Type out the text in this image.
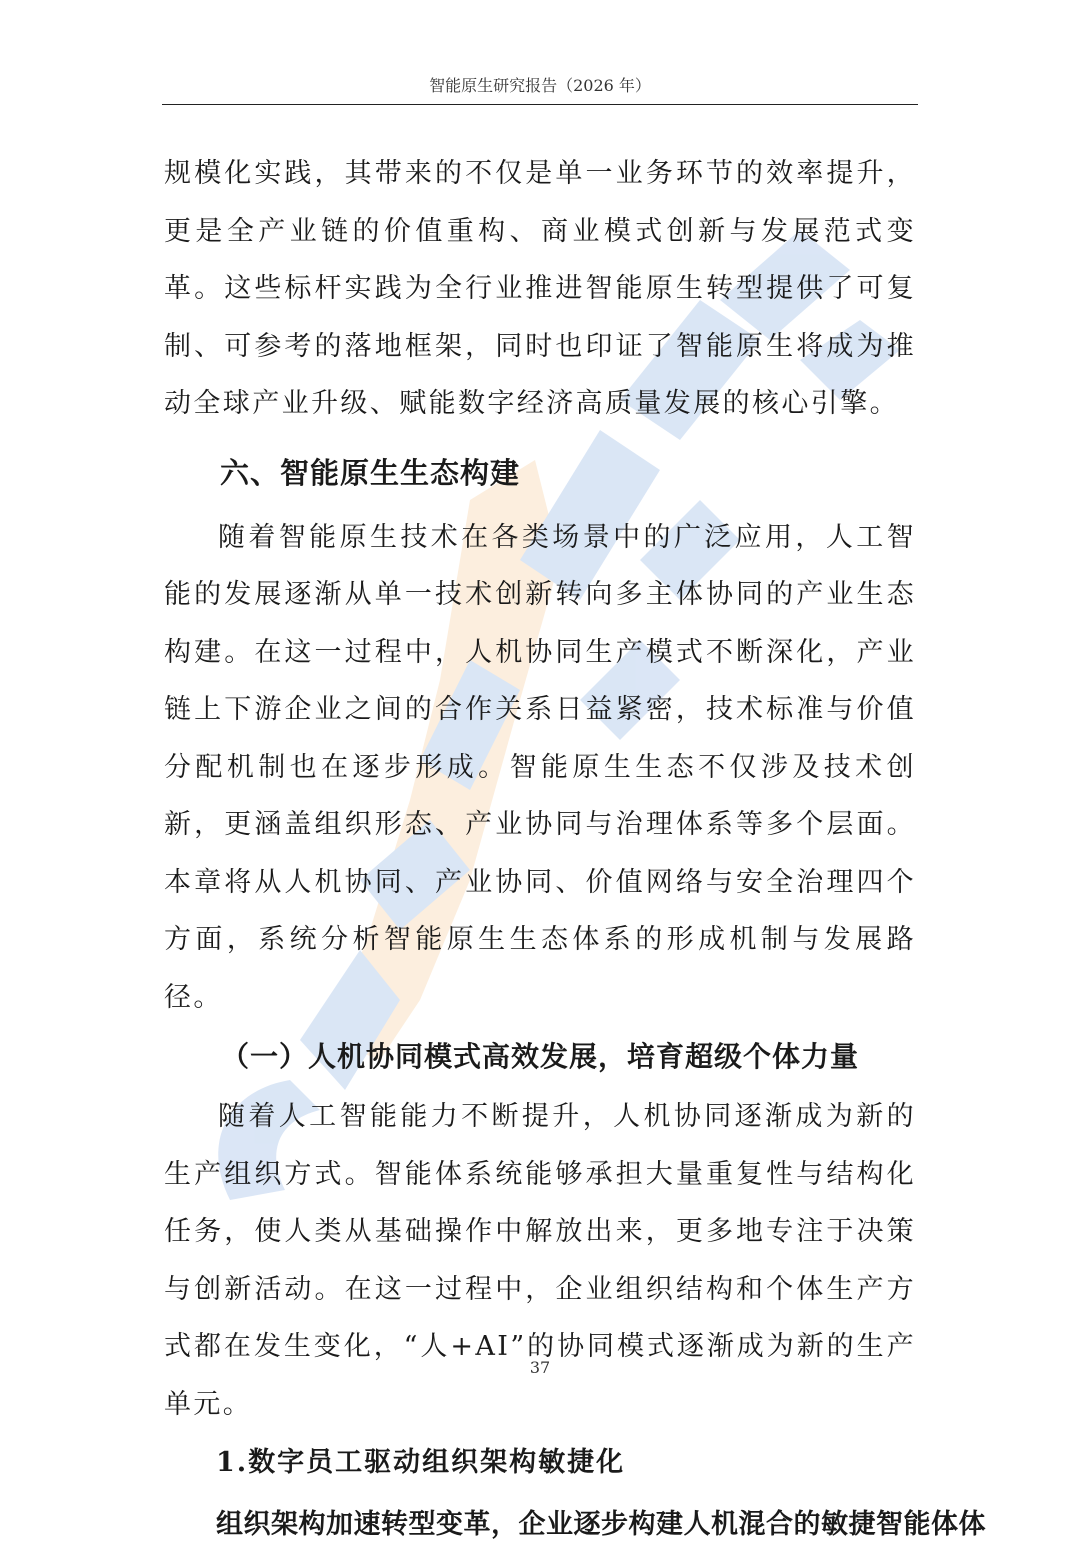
智能原生研究报告（2026 年）

规模化实践，其带来的不仅是单一业务环节的效率提升，更是全产业链的价值重构、商业模式创新与发展范式变革。这些标杆实践为全行业推进智能原生转型提供了可复制、可参考的落地框架，同时也印证了智能原生将成为推动全球产业升级、赋能数字经济高质量发展的核心引擎。

六、智能原生生态构建

随着智能原生技术在各类场景中的广泛应用，人工智能的发展逐渐从单一技术创新转向多主体协同的产业生态构建。在这一过程中，人机协同生产模式不断深化，产业链上下游企业之间的合作关系日益紧密，技术标准与价值分配机制也在逐步形成。智能原生生态不仅涉及技术创新，更涵盖组织形态、产业协同与治理体系等多个层面。本章将从人机协同、产业协同、价值网络与安全治理四个方面，系统分析智能原生生态体系的形成机制与发展路径。

（一）人机协同模式高效发展，培育超级个体力量

随着人工智能能力不断提升，人机协同逐渐成为新的生产组织方式。智能体系统能够承担大量重复性与结构化任务，使人类从基础操作中解放出来，更多地专注于决策与创新活动。在这一过程中，企业组织结构和个体生产方式都在发生变化，“人+AI”的协同模式逐渐成为新的生产单元。

1.数字员工驱动组织架构敏捷化

组织架构加速转型变革，企业逐步构建人机混合的敏捷智能体体

37
